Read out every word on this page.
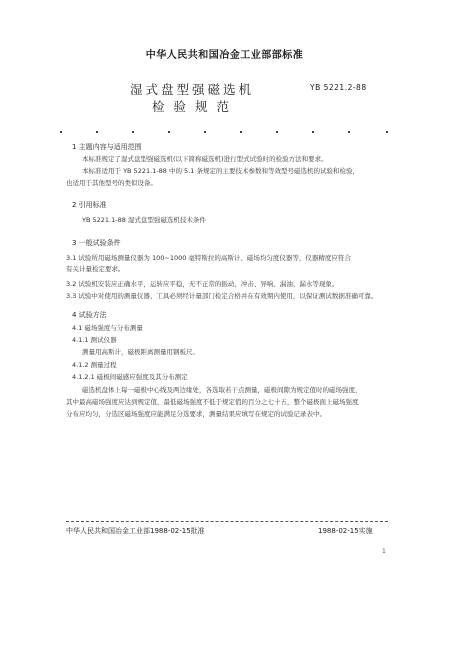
中华人民共和国冶金工业部部标准
湿式盘型强磁选机
检验规范
YB 5221.2-88
1 主题内容与适用范围
本标准规定了湿式盘型强磁选机(以下简称磁选机)进行型式试验时的检验方法和要求。
本标准适用于 YB 5221.1-88 中的 5.1 条规定的主要技术参数和等效型号磁选机的试验和检验，
也适用于其他型号的类似设备。
2 引用标准
YB 5221.1-88 湿式盘型强磁选机技术条件
3 一般试验条件
3.1 试验所用磁场测量仪器为 100~1000 毫特斯拉的高斯计、磁场均匀度仪器等，仪器精度应符合
有关计量检定要求。
3.2 试验机安装应正确水平，运转应平稳，无不正常的振动、冲击、异响、漏油、漏水等现象。
3.3 试验中对使用的测量仪器、工具必须经计量部门检定合格并在有效期内使用，以保证测试数据准确可靠。
4 试验方法
4.1 磁场强度与分布测量
4.1.1 测试仪器
测量用高斯计，磁极距离测量用钢板尺。
4.1.2 测量过程
4.1.2.1 磁极间磁感应强度及其分布测定
磁选机盘体上每一磁极中心线及两边缘处，各选取若干点测量，磁极间隙为规定值时的磁场强度，
其中最高磁场强度应达到规定值，最低磁场强度不低于规定值的百分之七十五，整个磁极面上磁场强度
分布应均匀，分选区磁场强度应能满足分选要求，测量结果应填写在规定的试验记录表中。
中华人民共和国冶金工业部1988-02-15批准	1988-02-15实施
1
